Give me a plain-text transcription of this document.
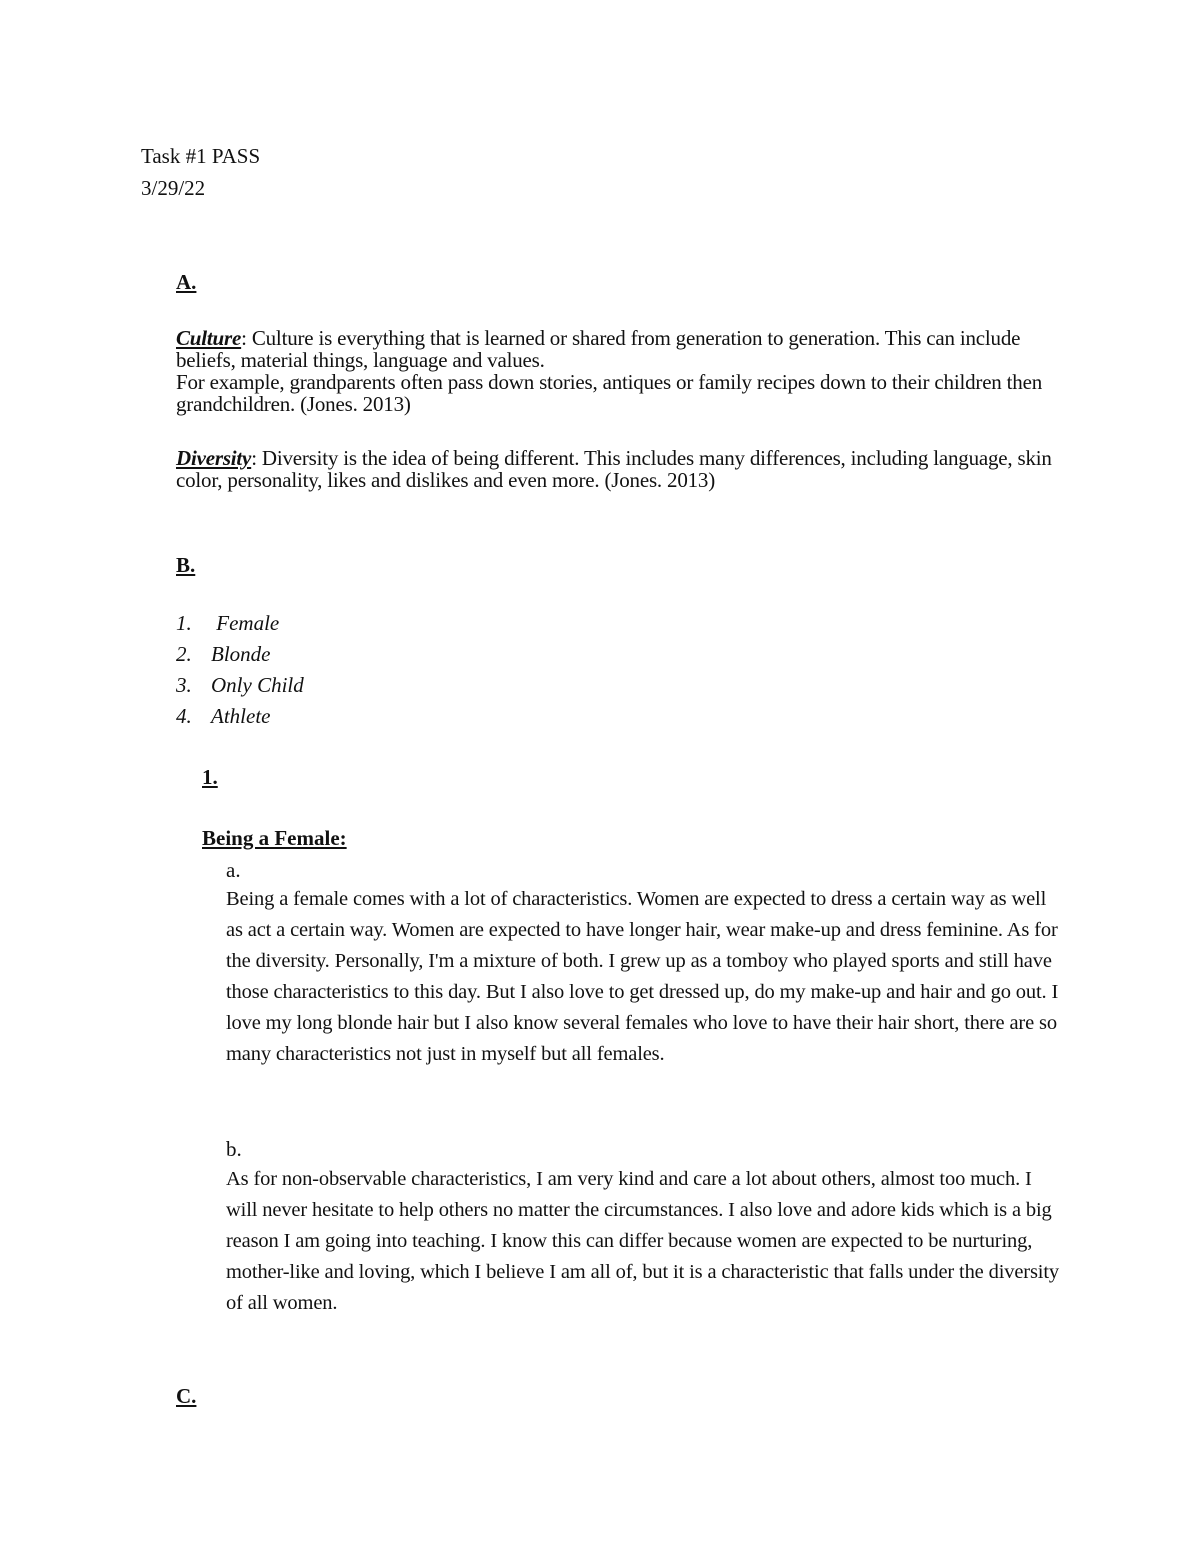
Task #1 PASS
3/29/22
A.
Culture: Culture is everything that is learned or shared from generation to generation. This can include beliefs, material things, language and values.
For example, grandparents often pass down stories, antiques or family recipes down to their children then grandchildren. (Jones. 2013)
Diversity: Diversity is the idea of being different. This includes many differences, including language, skin color, personality, likes and dislikes and even more. (Jones. 2013)
B.
1. Female
2. Blonde
3. Only Child
4. Athlete
1.
Being a Female:
a.
Being a female comes with a lot of characteristics. Women are expected to dress a certain way as well as act a certain way. Women are expected to have longer hair, wear make-up and dress feminine. As for the diversity. Personally, I'm a mixture of both. I grew up as a tomboy who played sports and still have those characteristics to this day. But I also love to get dressed up, do my make-up and hair and go out. I love my long blonde hair but I also know several females who love to have their hair short, there are so many characteristics not just in myself but all females.
b.
As for non-observable characteristics, I am very kind and care a lot about others, almost too much. I will never hesitate to help others no matter the circumstances. I also love and adore kids which is a big reason I am going into teaching. I know this can differ because women are expected to be nurturing, mother-like and loving, which I believe I am all of, but it is a characteristic that falls under the diversity of all women.
C.
